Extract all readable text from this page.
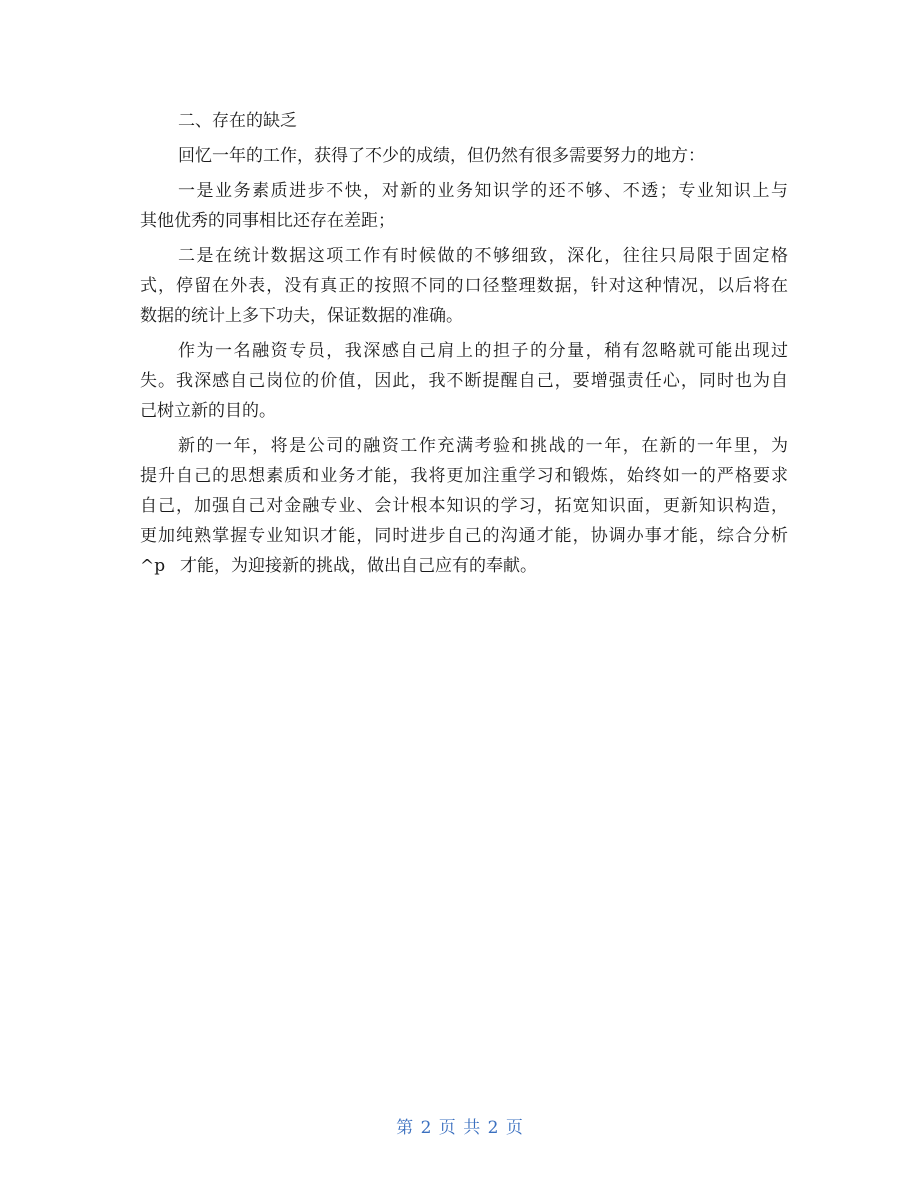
二、存在的缺乏
回忆一年的工作，获得了不少的成绩，但仍然有很多需要努力的地方：
一是业务素质进步不快，对新的业务知识学的还不够、不透；专业知识上与
其他优秀的同事相比还存在差距；
二是在统计数据这项工作有时候做的不够细致，深化，往往只局限于固定格
式，停留在外表，没有真正的按照不同的口径整理数据，针对这种情况，以后将在
数据的统计上多下功夫，保证数据的准确。
作为一名融资专员，我深感自己肩上的担子的分量，稍有忽略就可能出现过
失。我深感自己岗位的价值，因此，我不断提醒自己，要增强责任心，同时也为自
己树立新的目的。
新的一年，将是公司的融资工作充满考验和挑战的一年，在新的一年里，为
提升自己的思想素质和业务才能，我将更加注重学习和锻炼，始终如一的严格要求
自己，加强自己对金融专业、会计根本知识的学习，拓宽知识面，更新知识构造，
更加纯熟掌握专业知识才能，同时进步自己的沟通才能，协调办事才能，综合分析
^p 才能，为迎接新的挑战，做出自己应有的奉献。
第 2 页 共 2 页
